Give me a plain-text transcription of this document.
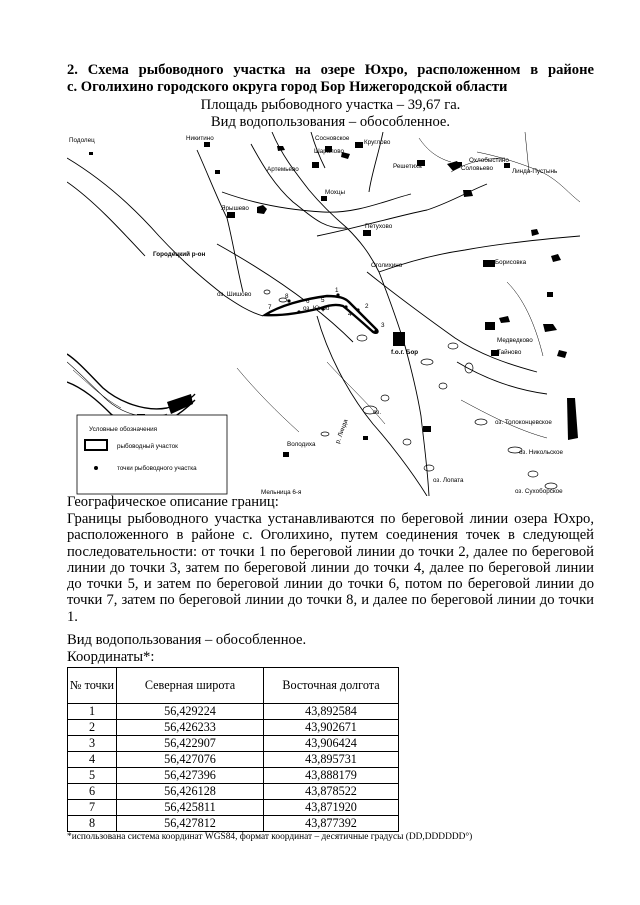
2. Схема рыбоводного участка на озере Юхро, расположенном в районе
с. Оголихино городского округа город Бор Нижегородской области
Площадь рыбоводного участка – 39,67 га.
Вид водопользования – обособленное.
Подолец	Никитино	Сосновское
Круглово
Шарапово
Охлобыстино
Решетиха	Соловьево	Линда-Пустынь
Артемьево
Мохцы
Ярышево
Петухово
Городецкий р-он
Оголихино	Борисовка
оз. Шишово
оз. Юхро
f.o.г. Бор
Медведково
Тайново
оз.
оз. Толоконцевское
р. Линда
Володиха
оз. Никольское
Мельница 6-я
оз. Лопата
оз. Сухоборское
1
2
3
4
5
6
7
8
Условные обозначения
рыбоводный участок
точки рыбоводного участка
Географическое описание границ:
Границы рыбоводного участка устанавливаются по береговой линии озера Юхро, расположенного в районе с. Оголихино, путем соединения точек в следующей последовательности: от точки 1 по береговой линии до точки 2, далее по береговой линии до точки 3, затем по береговой линии до точки 4, далее по береговой линии до точки 5, и затем по береговой линии до точки 6, потом по береговой линии до точки 7, затем по береговой линии до точки 8, и далее по береговой линии до точки 1.
Вид водопользования – обособленное.
Координаты*:
№ точки	Северная широта	Восточная долгота
1	56,429224	43,892584
2	56,426233	43,902671
3	56,422907	43,906424
4	56,427076	43,895731
5	56,427396	43,888179
6	56,426128	43,878522
7	56,425811	43,871920
8	56,427812	43,877392
*использована система координат WGS84, формат координат – десятичные градусы (DD,DDDDDD°)
